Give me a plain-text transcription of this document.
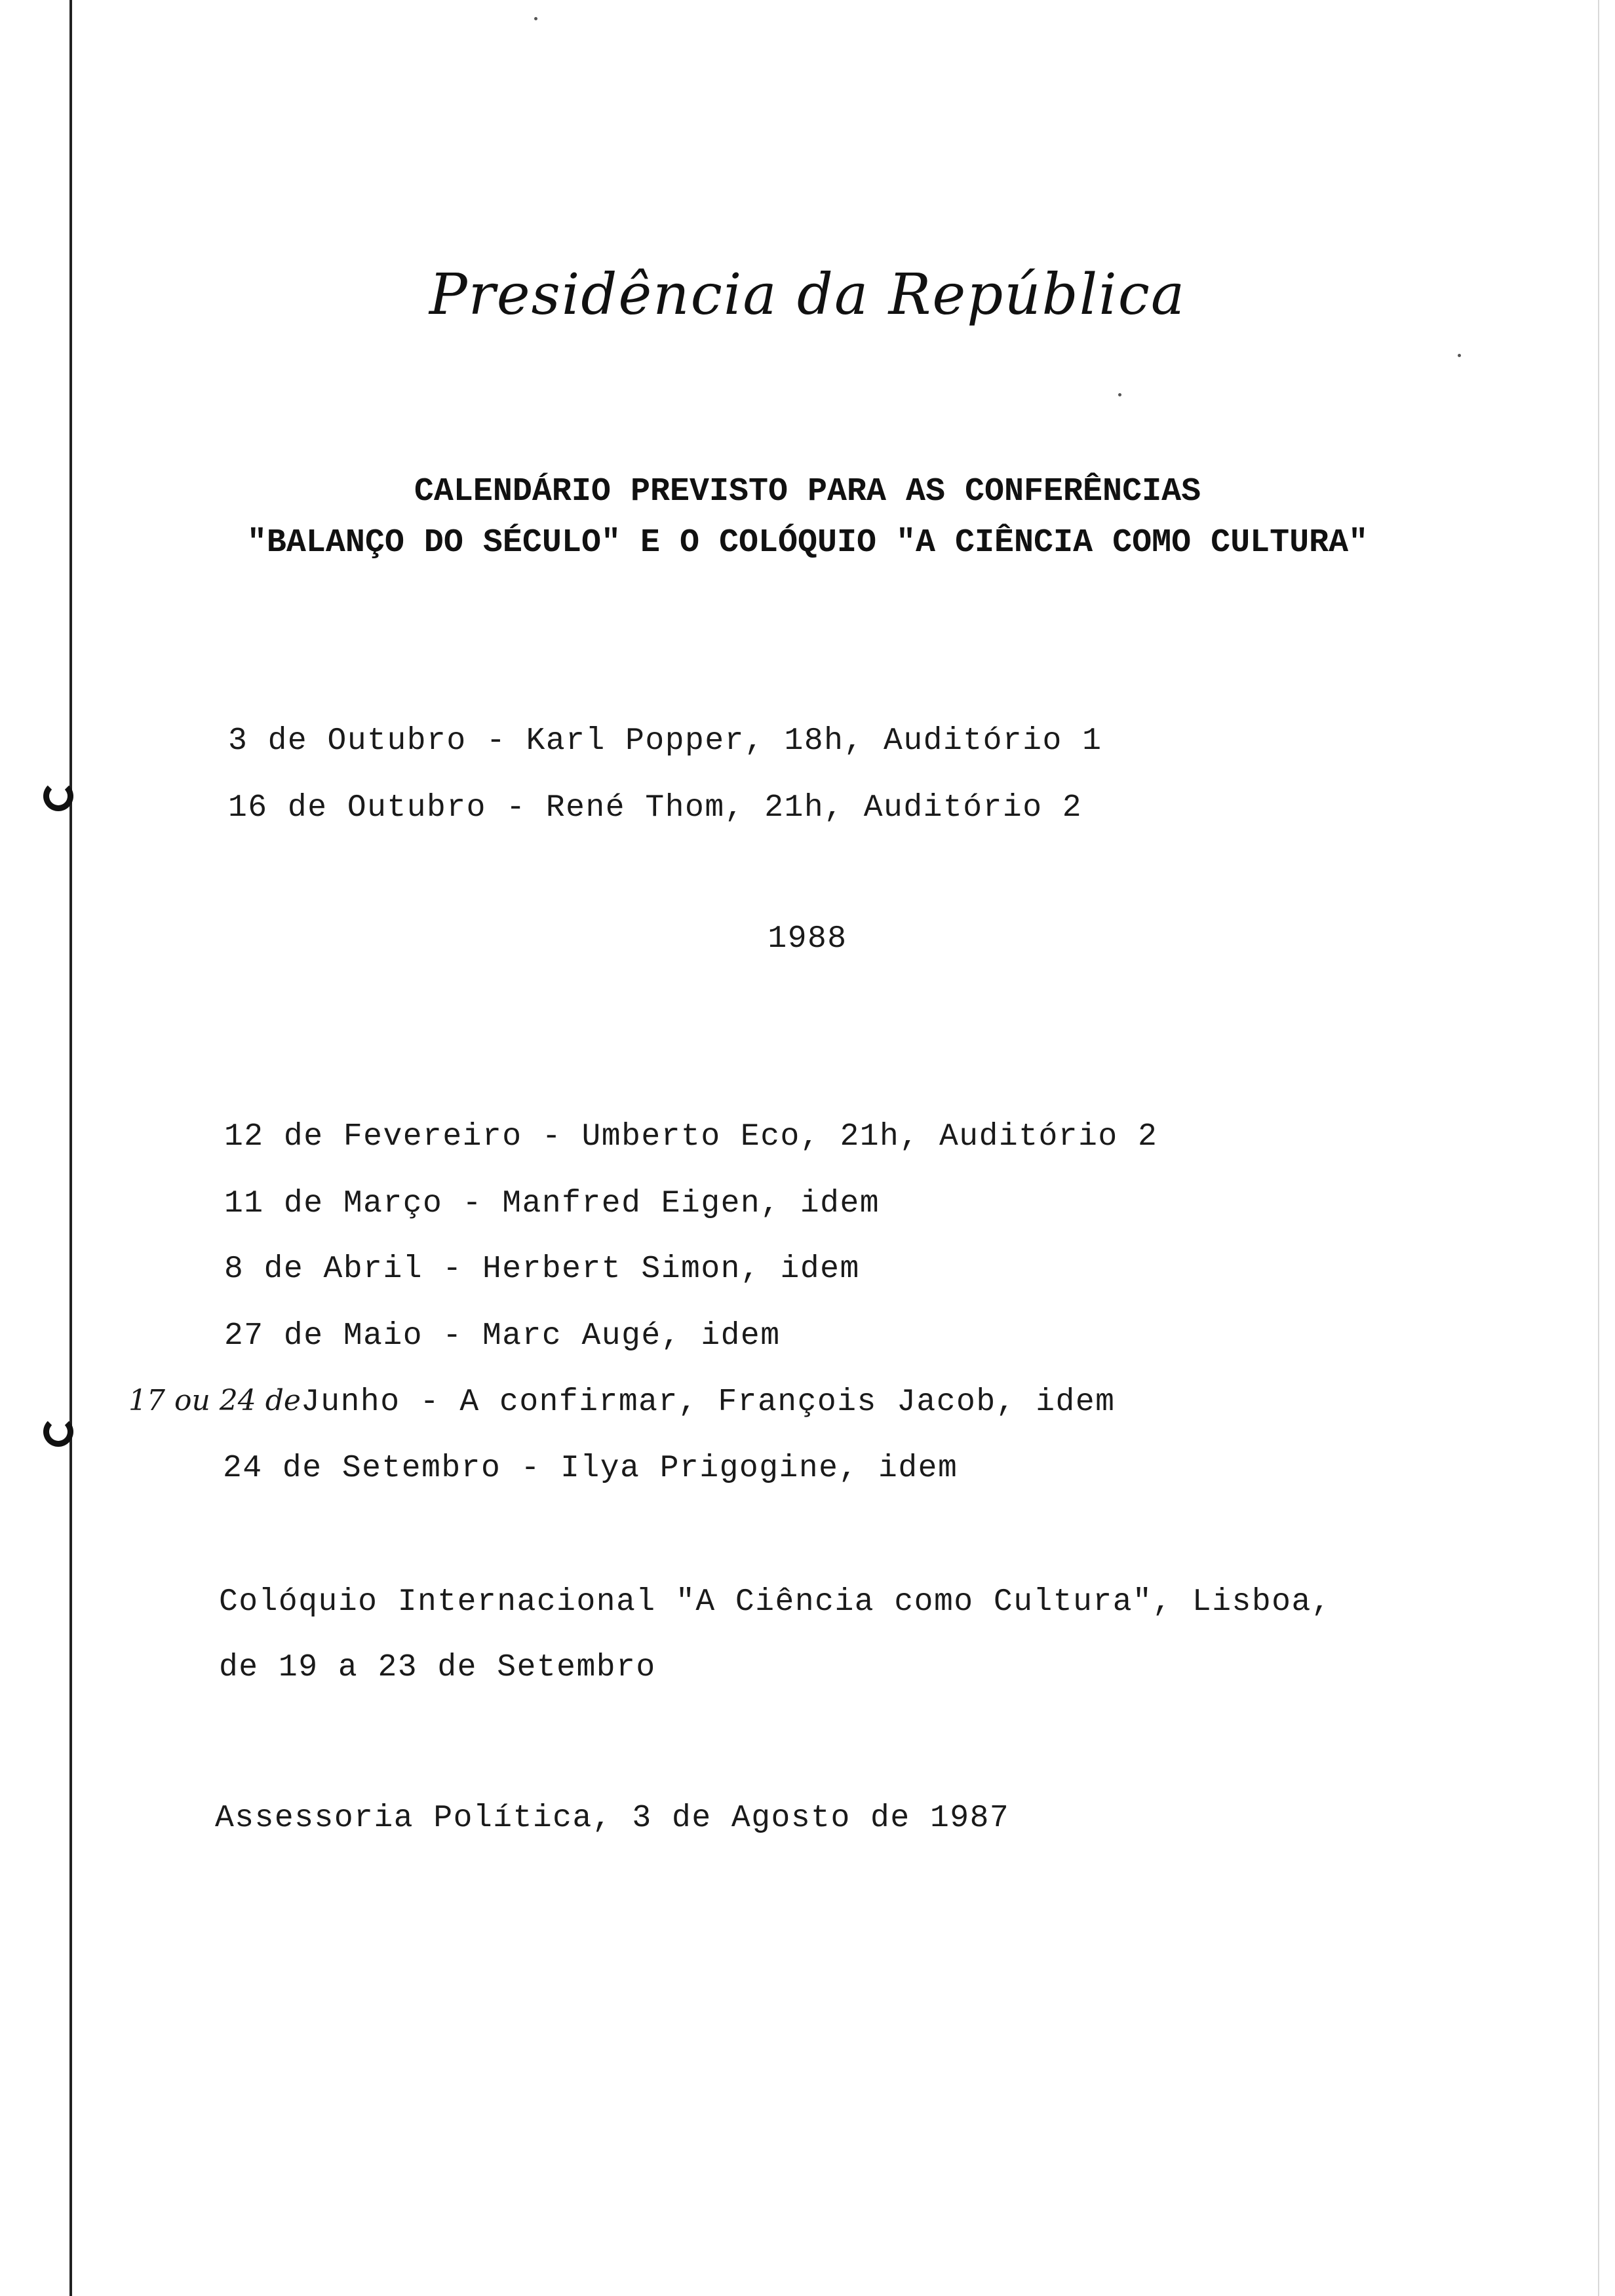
Presidência da República
CALENDÁRIO PREVISTO PARA AS CONFERÊNCIAS
"BALANÇO DO SÉCULO" E O COLÓQUIO "A CIÊNCIA COMO CULTURA"
3 de Outubro - Karl Popper, 18h, Auditório 1
16 de Outubro - René Thom, 21h, Auditório 2
1988
12 de Fevereiro - Umberto Eco, 21h, Auditório 2
11 de Março - Manfred Eigen, idem
8 de Abril - Herbert Simon, idem
27 de Maio - Marc Augé, idem
17 ou 24 deJunho - A confirmar, François Jacob, idem
24 de Setembro - Ilya Prigogine, idem
Colóquio Internacional "A Ciência como Cultura", Lisboa,
de 19 a 23 de Setembro
Assessoria Política, 3 de Agosto de 1987
